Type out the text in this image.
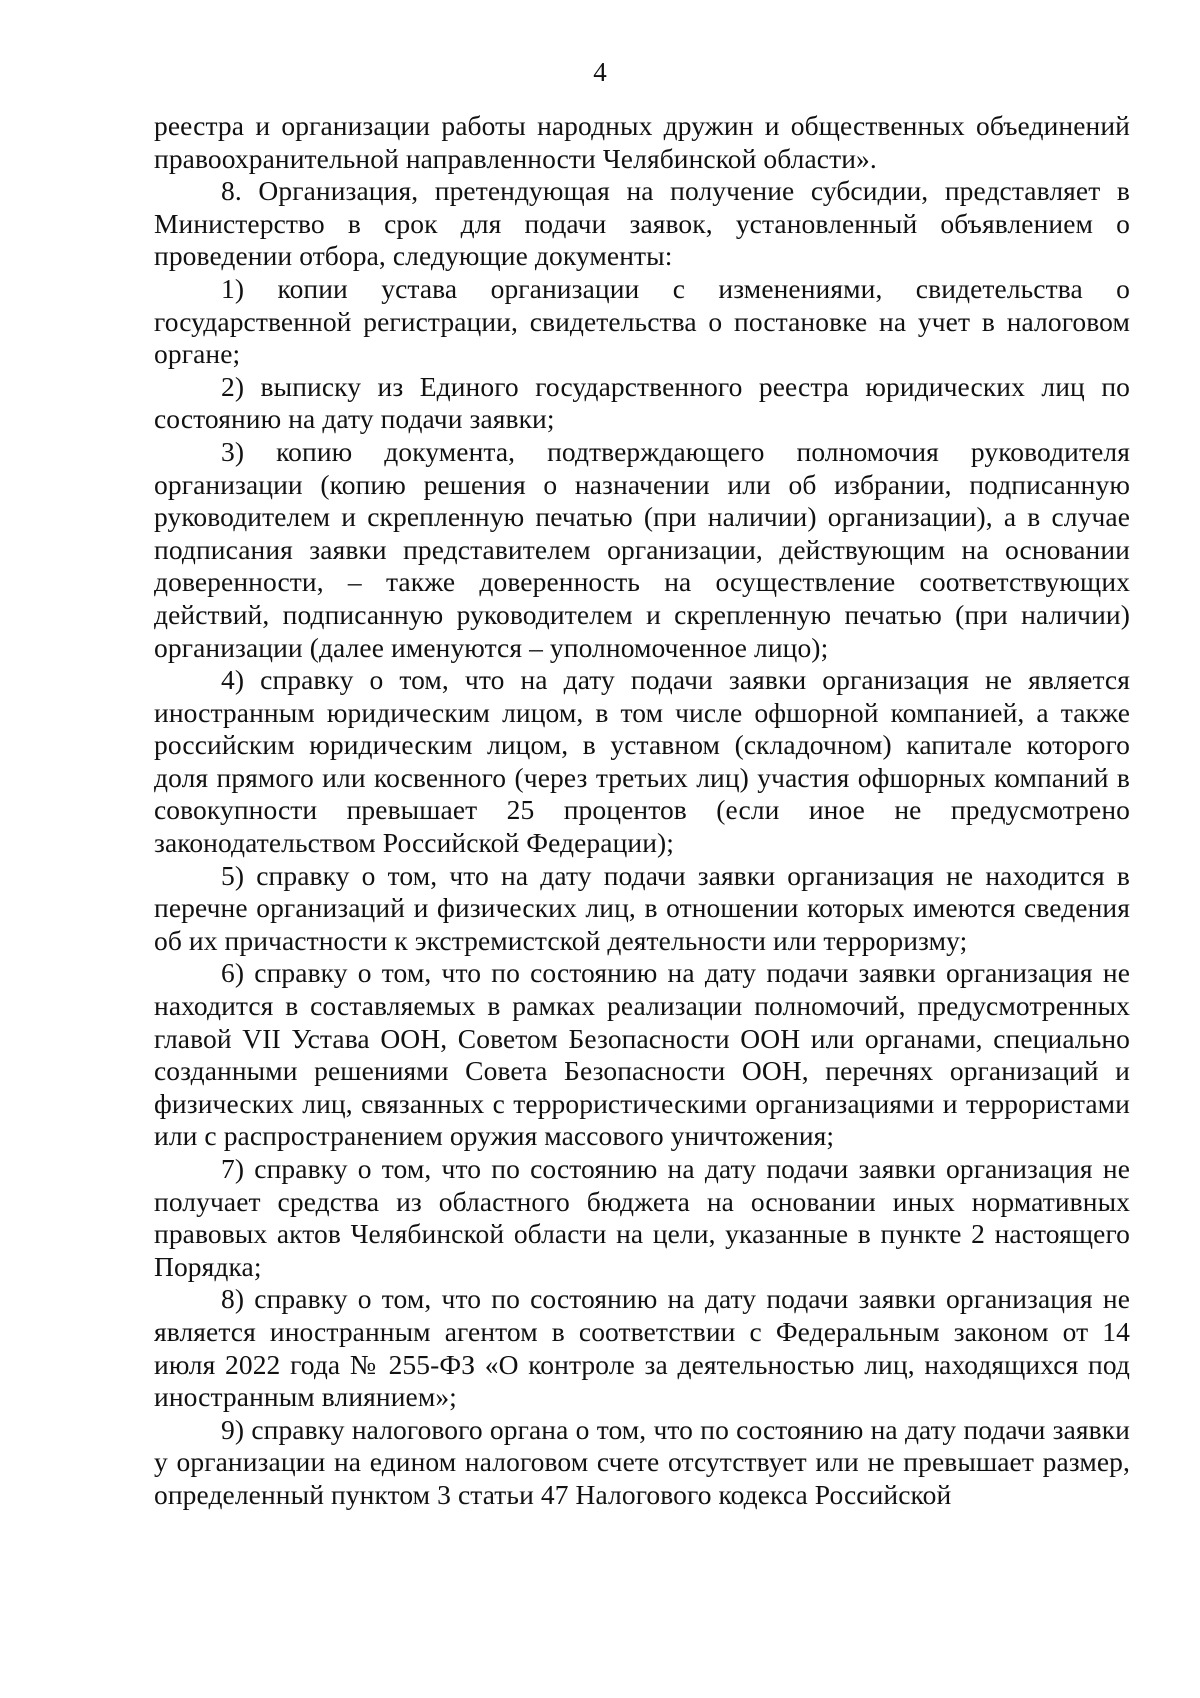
4

реестра и организации работы народных дружин и общественных объединений правоохранительной направленности Челябинской области».

8. Организация, претендующая на получение субсидии, представляет в Министерство в срок для подачи заявок, установленный объявлением о проведении отбора, следующие документы:

1) копии устава организации с изменениями, свидетельства о государственной регистрации, свидетельства о постановке на учет в налоговом органе;

2) выписку из Единого государственного реестра юридических лиц по состоянию на дату подачи заявки;

3) копию документа, подтверждающего полномочия руководителя организации (копию решения о назначении или об избрании, подписанную руководителем и скрепленную печатью (при наличии) организации), а в случае подписания заявки представителем организации, действующим на основании доверенности, – также доверенность на осуществление соответствующих действий, подписанную руководителем и скрепленную печатью (при наличии) организации (далее именуются – уполномоченное лицо);

4) справку о том, что на дату подачи заявки организация не является иностранным юридическим лицом, в том числе офшорной компанией, а также российским юридическим лицом, в уставном (складочном) капитале которого доля прямого или косвенного (через третьих лиц) участия офшорных компаний в совокупности превышает 25 процентов (если иное не предусмотрено законодательством Российской Федерации);

5) справку о том, что на дату подачи заявки организация не находится в перечне организаций и физических лиц, в отношении которых имеются сведения об их причастности к экстремистской деятельности или терроризму;

6) справку о том, что по состоянию на дату подачи заявки организация не находится в составляемых в рамках реализации полномочий, предусмотренных главой VII Устава ООН, Советом Безопасности ООН или органами, специально созданными решениями Совета Безопасности ООН, перечнях организаций и физических лиц, связанных с террористическими организациями и террористами или с распространением оружия массового уничтожения;

7) справку о том, что по состоянию на дату подачи заявки организация не получает средства из областного бюджета на основании иных нормативных правовых актов Челябинской области на цели, указанные в пункте 2 настоящего Порядка;

8) справку о том, что по состоянию на дату подачи заявки организация не является иностранным агентом в соответствии с Федеральным законом от 14 июля 2022 года № 255-ФЗ «О контроле за деятельностью лиц, находящихся под иностранным влиянием»;

9) справку налогового органа о том, что по состоянию на дату подачи заявки у организации на едином налоговом счете отсутствует или не превышает размер, определенный пунктом 3 статьи 47 Налогового кодекса Российской
